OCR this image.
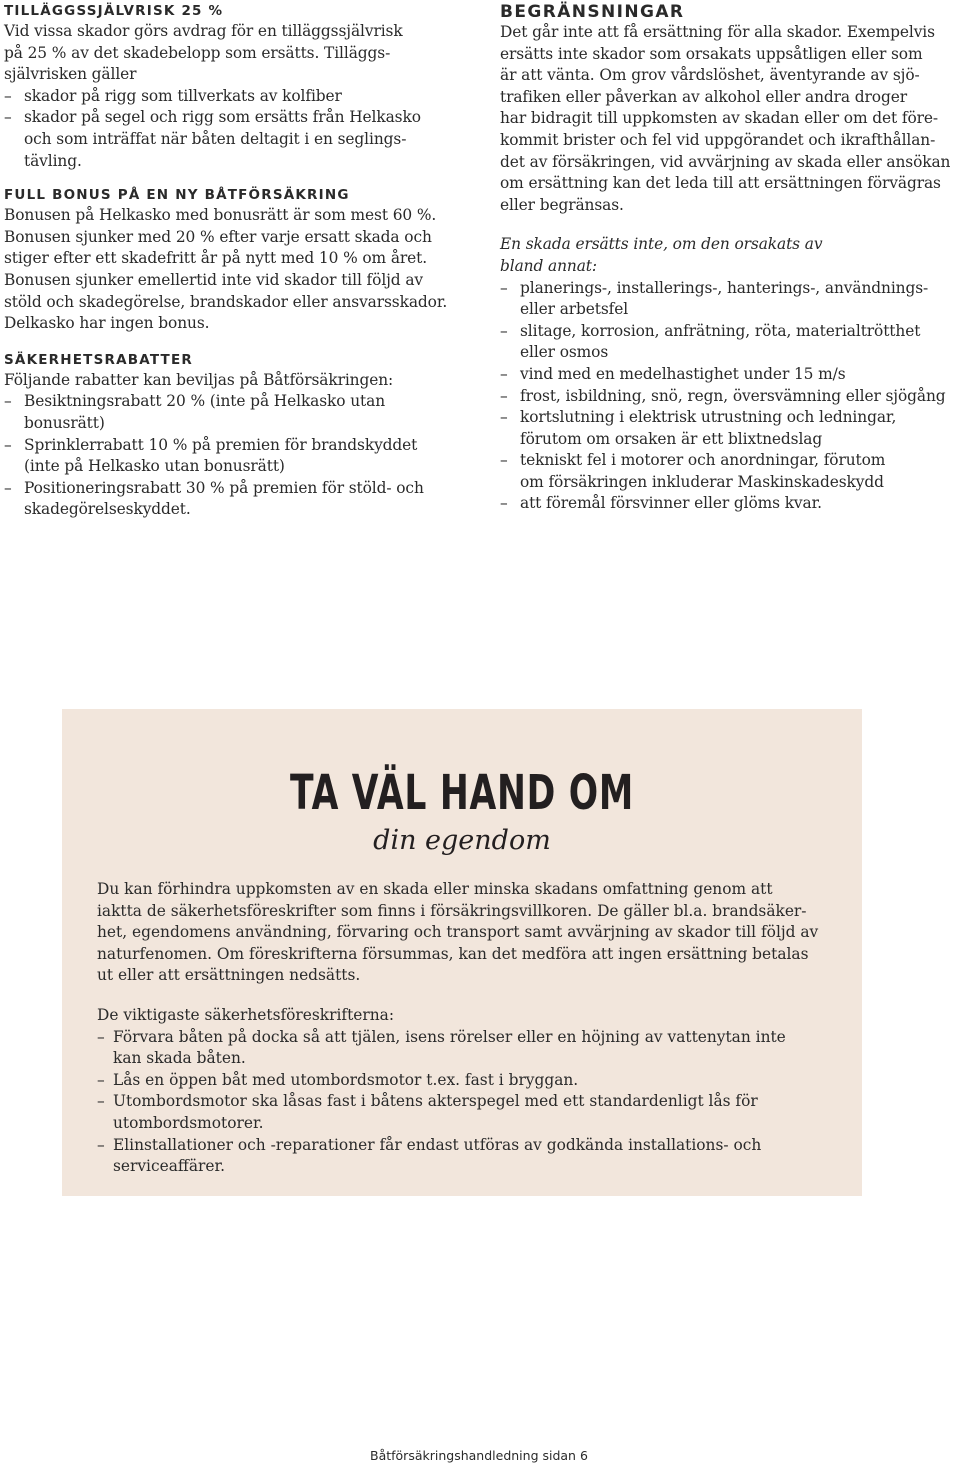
TILLÄGGSSJÄLVRISK 25 %
Vid vissa skador görs avdrag för en tilläggssjälvrisk
på 25 % av det skadebelopp som ersätts. Tilläggs-
självrisken gäller
– skador på rigg som tillverkats av kolfiber
– skador på segel och rigg som ersätts från Helkasko
och som inträffat när båten deltagit i en seglings-
tävling.
FULL BONUS PÅ EN NY BÅTFÖRSÄKRING
Bonusen på Helkasko med bonusrätt är som mest 60 %.
Bonusen sjunker med 20 % efter varje ersatt skada och
stiger efter ett skadefritt år på nytt med 10 % om året.
Bonusen sjunker emellertid inte vid skador till följd av
stöld och skadegörelse, brandskador eller ansvarsskador.
Delkasko har ingen bonus.
SÄKERHETSRABATTER
Följande rabatter kan beviljas på Båtförsäkringen:
– Besiktningsrabatt 20 % (inte på Helkasko utan
bonusrätt)
– Sprinklerrabatt 10 % på premien för brandskyddet
(inte på Helkasko utan bonusrätt)
– Positioneringsrabatt 30 % på premien för stöld- och
skadegörelseskyddet.
BEGRÄNSNINGAR
Det går inte att få ersättning för alla skador. Exempelvis
ersätts inte skador som orsakats uppsåtligen eller som
är att vänta. Om grov vårdslöshet, äventyrande av sjö-
trafiken eller påverkan av alkohol eller andra droger
har bidragit till uppkomsten av skadan eller om det före-
kommit brister och fel vid uppgörandet och ikrafthållan-
det av försäkringen, vid avvärjning av skada eller ansökan
om ersättning kan det leda till att ersättningen förvägras
eller begränsas.
En skada ersätts inte, om den orsakats av
bland annat:
– planerings-, installerings-, hanterings-, användnings-
eller arbetsfel
– slitage, korrosion, anfrätning, röta, materialtrötthet
eller osmos
– vind med en medelhastighet under 15 m/s
– frost, isbildning, snö, regn, översvämning eller sjögång
– kortslutning i elektrisk utrustning och ledningar,
förutom om orsaken är ett blixtnedslag
– tekniskt fel i motorer och anordningar, förutom
om försäkringen inkluderar Maskinskadeskydd
– att föremål försvinner eller glöms kvar.
TA VÄL HAND OM
din egendom
Du kan förhindra uppkomsten av en skada eller minska skadans omfattning genom att
iaktta de säkerhetsföreskrifter som finns i försäkringsvillkoren. De gäller bl.a. brandsäker-
het, egendomens användning, förvaring och transport samt avvärjning av skador till följd av
naturfenomen. Om föreskrifterna försummas, kan det medföra att ingen ersättning betalas
ut eller att ersättningen nedsätts.
De viktigaste säkerhetsföreskrifterna:
– Förvara båten på docka så att tjälen, isens rörelser eller en höjning av vattenytan inte
kan skada båten.
– Lås en öppen båt med utombordsmotor t.ex. fast i bryggan.
– Utombordsmotor ska låsas fast i båtens akterspegel med ett standardenligt lås för
utombordsmotorer.
– Elinstallationer och -reparationer får endast utföras av godkända installations- och
serviceaffärer.
Båtförsäkringshandledning sidan 6
